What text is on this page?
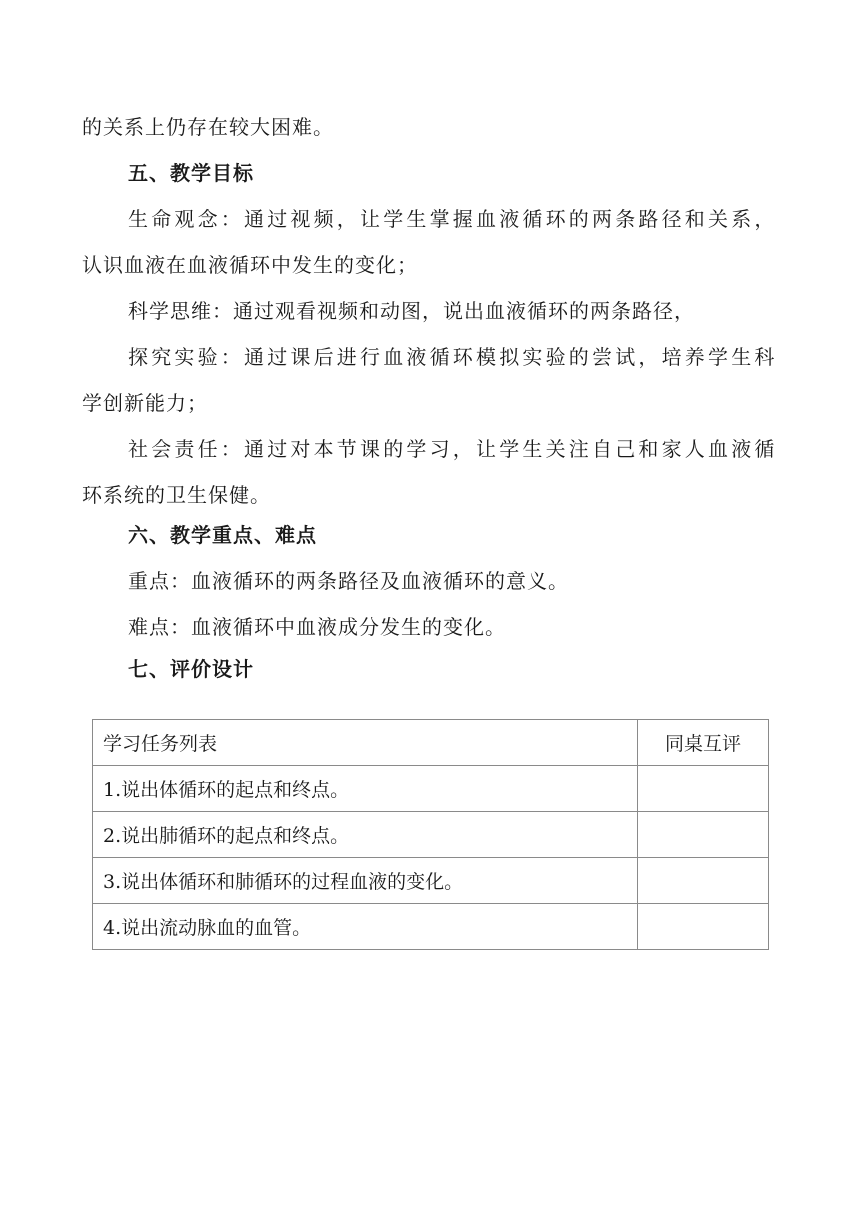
的关系上仍存在较大困难。
五、教学目标
生命观念：通过视频，让学生掌握血液循环的两条路径和关系，
认识血液在血液循环中发生的变化；
科学思维：通过观看视频和动图，说出血液循环的两条路径，
探究实验：通过课后进行血液循环模拟实验的尝试，培养学生科
学创新能力；
社会责任：通过对本节课的学习，让学生关注自己和家人血液循
环系统的卫生保健。
六、教学重点、难点
重点：血液循环的两条路径及血液循环的意义。
难点：血液循环中血液成分发生的变化。
七、评价设计
学习任务列表	同桌互评
1.说出体循环的起点和终点。	
2.说出肺循环的起点和终点。	
3.说出体循环和肺循环的过程血液的变化。	
4.说出流动脉血的血管。	
